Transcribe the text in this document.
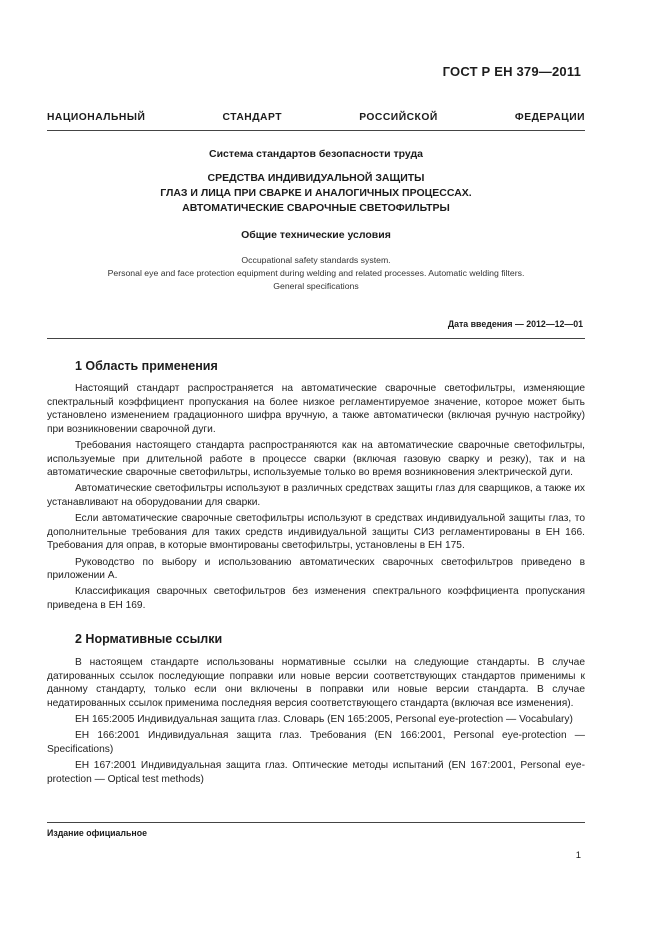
ГОСТ Р ЕН 379—2011
НАЦИОНАЛЬНЫЙ СТАНДАРТ РОССИЙСКОЙ ФЕДЕРАЦИИ
Система стандартов безопасности труда
СРЕДСТВА ИНДИВИДУАЛЬНОЙ ЗАЩИТЫ
ГЛАЗ И ЛИЦА ПРИ СВАРКЕ И АНАЛОГИЧНЫХ ПРОЦЕССАХ.
АВТОМАТИЧЕСКИЕ СВАРОЧНЫЕ СВЕТОФИЛЬТРЫ
Общие технические условия
Occupational safety standards system.
Personal eye and face protection equipment during welding and related processes. Automatic welding filters.
General specifications
Дата введения — 2012—12—01
1 Область применения

Настоящий стандарт распространяется на автоматические сварочные светофильтры, изменяющие спектральный коэффициент пропускания на более низкое регламентируемое значение, которое может быть установлено изменением градационного шифра вручную, а также автоматически (включая ручную настройку) при возникновении сварочной дуги.

Требования настоящего стандарта распространяются как на автоматические сварочные светофильтры, используемые при длительной работе в процессе сварки (включая газовую сварку и резку), так и на автоматические сварочные светофильтры, используемые только во время возникновения электрической дуги.

Автоматические светофильтры используют в различных средствах защиты глаз для сварщиков, а также их устанавливают на оборудовании для сварки.

Если автоматические сварочные светофильтры используют в средствах индивидуальной защиты глаз, то дополнительные требования для таких средств индивидуальной защиты СИЗ регламентированы в ЕН 166. Требования для оправ, в которые вмонтированы светофильтры, установлены в ЕН 175.

Руководство по выбору и использованию автоматических сварочных светофильтров приведено в приложении А.

Классификация сварочных светофильтров без изменения спектрального коэффициента пропускания приведена в ЕН 169.

2 Нормативные ссылки

В настоящем стандарте использованы нормативные ссылки на следующие стандарты. В случае датированных ссылок последующие поправки или новые версии соответствующих стандартов применимы к данному стандарту, только если они включены в поправки или новые версии стандарта. В случае недатированных ссылок применима последняя версия соответствующего стандарта (включая все изменения).

ЕН 165:2005 Индивидуальная защита глаз. Словарь (EN 165:2005, Personal eye-protection — Vocabulary)

ЕН 166:2001 Индивидуальная защита глаз. Требования (EN 166:2001, Personal eye-protection — Specifications)

ЕН 167:2001 Индивидуальная защита глаз. Оптические методы испытаний (EN 167:2001, Personal eye-protection — Optical test methods)

Издание официальное
1
